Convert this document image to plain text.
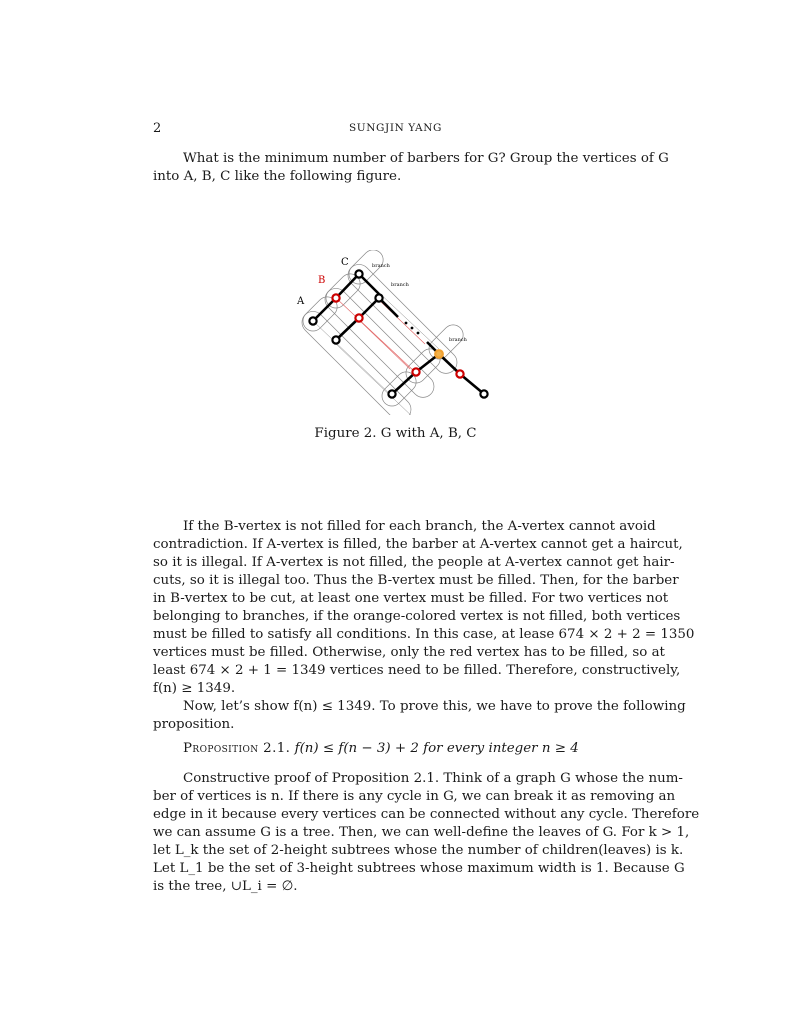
2	SUNGJIN YANG
What is the minimum number of barbers for G? Group the vertices of G
into A, B, C like the following figure.
A
B
C	branch
branch
branch
Figure 2. G with A, B, C
If the B-vertex is not filled for each branch, the A-vertex cannot avoid
contradiction. If A-vertex is filled, the barber at A-vertex cannot get a haircut,
so it is illegal. If A-vertex is not filled, the people at A-vertex cannot get hair-
cuts, so it is illegal too. Thus the B-vertex must be filled. Then, for the barber
in B-vertex to be cut, at least one vertex must be filled. For two vertices not
belonging to branches, if the orange-colored vertex is not filled, both vertices
must be filled to satisfy all conditions. In this case, at lease 674 × 2 + 2 = 1350
vertices must be filled. Otherwise, only the red vertex has to be filled, so at
least 674 × 2 + 1 = 1349 vertices need to be filled. Therefore, constructively,
f(n) ≥ 1349.
Now, let’s show f(n) ≤ 1349. To prove this, we have to prove the following
proposition.
Proposition 2.1. f(n) ≤ f(n − 3) + 2 for every integer n ≥ 4
Constructive proof of Proposition 2.1. Think of a graph G whose the num-
ber of vertices is n. If there is any cycle in G, we can break it as removing an
edge in it because every vertices can be connected without any cycle. Therefore
we can assume G is a tree. Then, we can well-define the leaves of G. For k > 1,
let L_k the set of 2-height subtrees whose the number of children(leaves) is k.
Let L_1 be the set of 3-height subtrees whose maximum width is 1. Because G
is the tree, ∪L_i = ∅.
